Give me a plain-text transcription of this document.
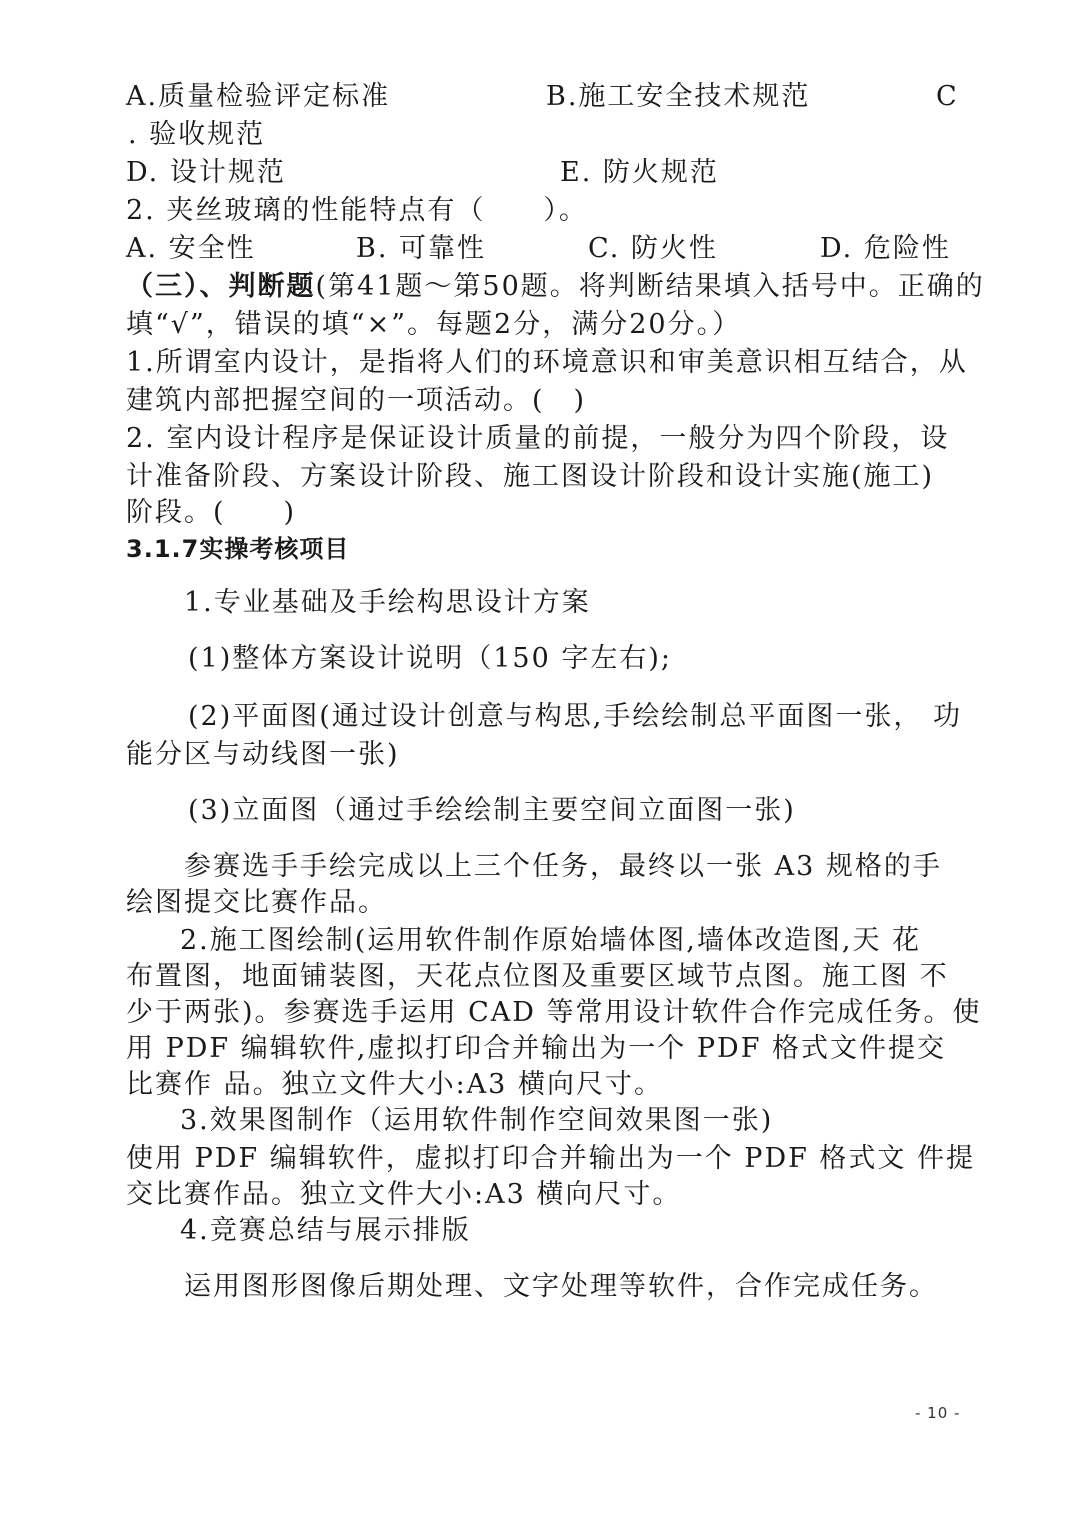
A.质量检验评定标准	B.施工安全技术规范	C
. 验收规范
D. 设计规范	E. 防火规范
2. 夹丝玻璃的性能特点有（　　）。
A. 安全性	B. 可靠性	C. 防火性	D. 危险性
（三）、判断题(第41题～第50题。将判断结果填入括号中。正确的
填“√”，错误的填“×”。每题2分，满分20分。）
1.所谓室内设计，是指将人们的环境意识和审美意识相互结合，从
建筑内部把握空间的一项活动。(　)
2. 室内设计程序是保证设计质量的前提，一般分为四个阶段，设
计准备阶段、方案设计阶段、施工图设计阶段和设计实施(施工)
阶段。(　　)
3.1.7实操考核项目
1.专业基础及手绘构思设计方案
(1)整体方案设计说明（150 字左右);
(2)平面图(通过设计创意与构思,手绘绘制总平面图一张， 功
能分区与动线图一张)
(3)立面图（通过手绘绘制主要空间立面图一张)
参赛选手手绘完成以上三个任务，最终以一张 A3 规格的手
绘图提交比赛作品。
2.施工图绘制(运用软件制作原始墙体图,墙体改造图,天 花
布置图，地面铺装图，天花点位图及重要区域节点图。施工图 不
少于两张)。参赛选手运用 CAD 等常用设计软件合作完成任务。使
用 PDF 编辑软件,虚拟打印合并输出为一个 PDF 格式文件提交
比赛作 品。独立文件大小:A3 横向尺寸。
3.效果图制作（运用软件制作空间效果图一张)
使用 PDF 编辑软件，虚拟打印合并输出为一个 PDF 格式文 件提
交比赛作品。独立文件大小:A3 横向尺寸。
4.竞赛总结与展示排版
运用图形图像后期处理、文字处理等软件，合作完成任务。
- 10 -
